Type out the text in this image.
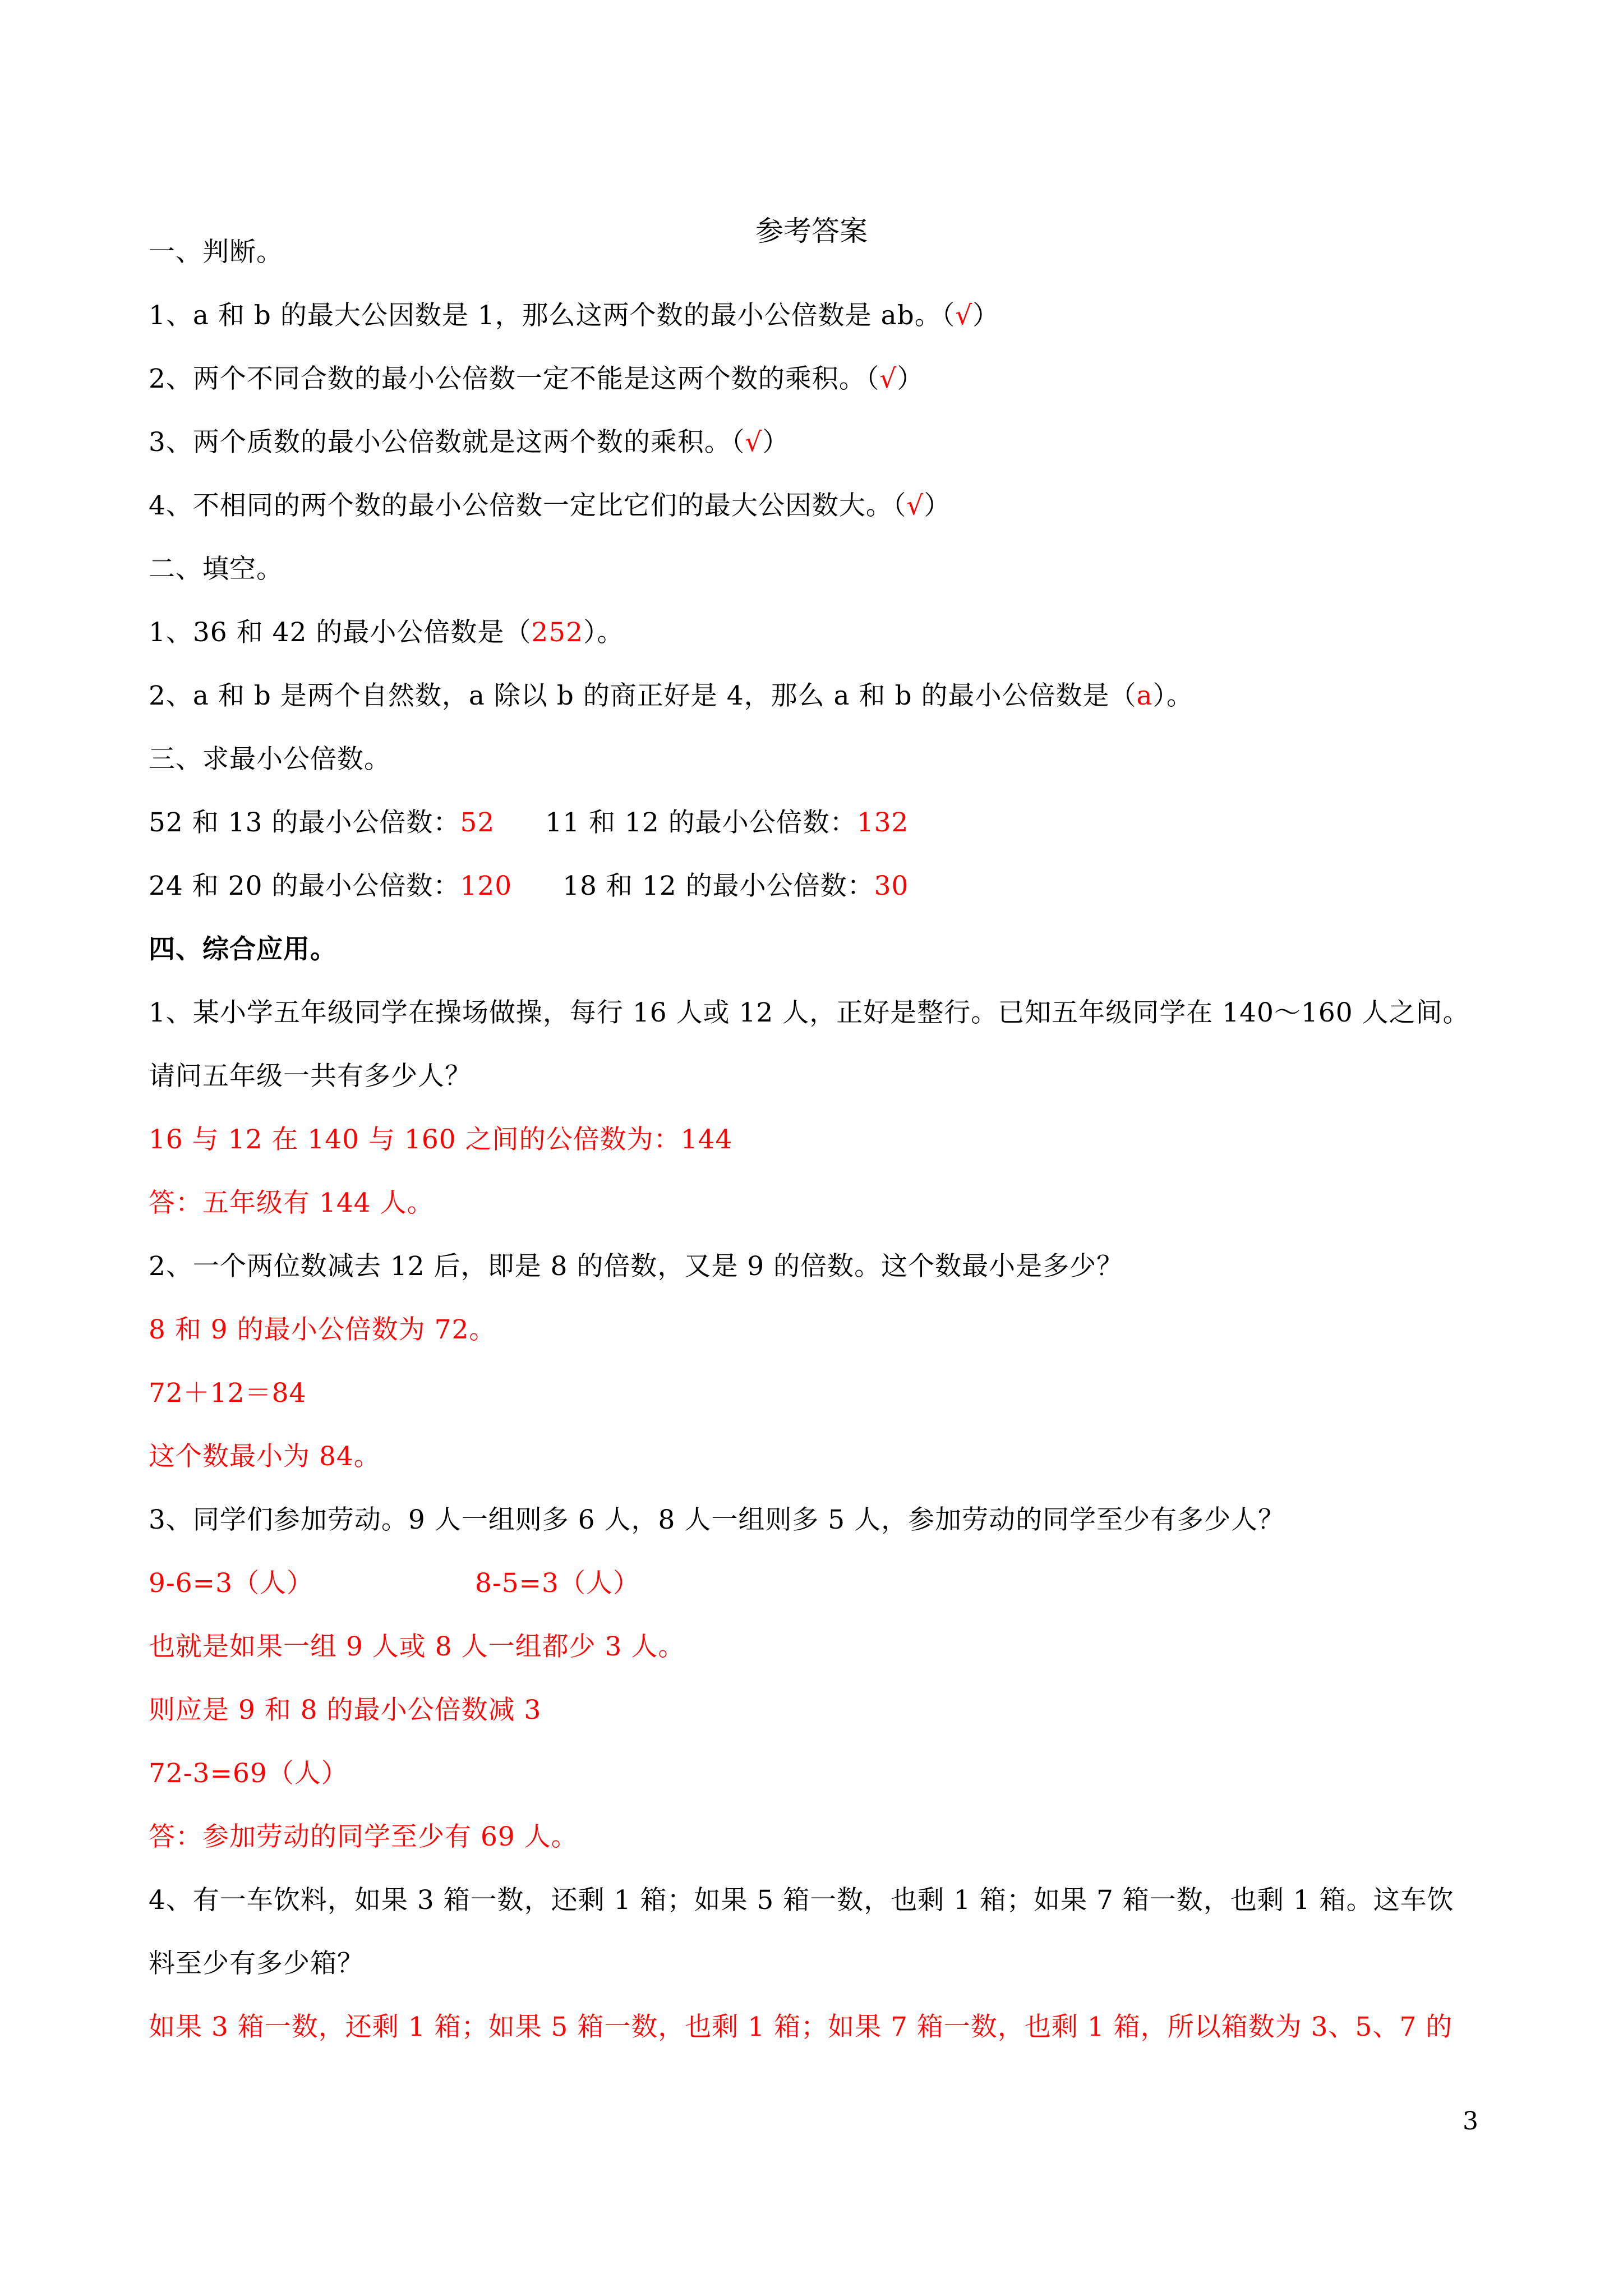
参考答案
一、判断。
1、a 和 b 的最大公因数是 1，那么这两个数的最小公倍数是 ab。（√）
2、两个不同合数的最小公倍数一定不能是这两个数的乘积。（√）
3、两个质数的最小公倍数就是这两个数的乘积。（√）
4、不相同的两个数的最小公倍数一定比它们的最大公因数大。（√）
二、填空。
1、36 和 42 的最小公倍数是（252）。
2、a 和 b 是两个自然数，a 除以 b 的商正好是 4，那么 a 和 b 的最小公倍数是（a）。
三、求最小公倍数。
52 和 13 的最小公倍数：52 11 和 12 的最小公倍数：132
24 和 20 的最小公倍数：120 18 和 12 的最小公倍数：30
四、综合应用。
1、某小学五年级同学在操场做操，每行 16 人或 12 人，正好是整行。已知五年级同学在 140～160 人之间。
请问五年级一共有多少人？
16 与 12 在 140 与 160 之间的公倍数为：144
答：五年级有 144 人。
2、一个两位数减去 12 后，即是 8 的倍数，又是 9 的倍数。这个数最小是多少？
8 和 9 的最小公倍数为 72。
72＋12＝84
这个数最小为 84。
3、同学们参加劳动。9 人一组则多 6 人，8 人一组则多 5 人，参加劳动的同学至少有多少人？
9-6=3（人）	8-5=3（人）
也就是如果一组 9 人或 8 人一组都少 3 人。
则应是 9 和 8 的最小公倍数减 3
72-3=69（人）
答：参加劳动的同学至少有 69 人。
4、有一车饮料，如果 3 箱一数，还剩 1 箱；如果 5 箱一数，也剩 1 箱；如果 7 箱一数，也剩 1 箱。这车饮
料至少有多少箱？
如果 3 箱一数，还剩 1 箱；如果 5 箱一数，也剩 1 箱；如果 7 箱一数，也剩 1 箱，所以箱数为 3、5、7 的
3
